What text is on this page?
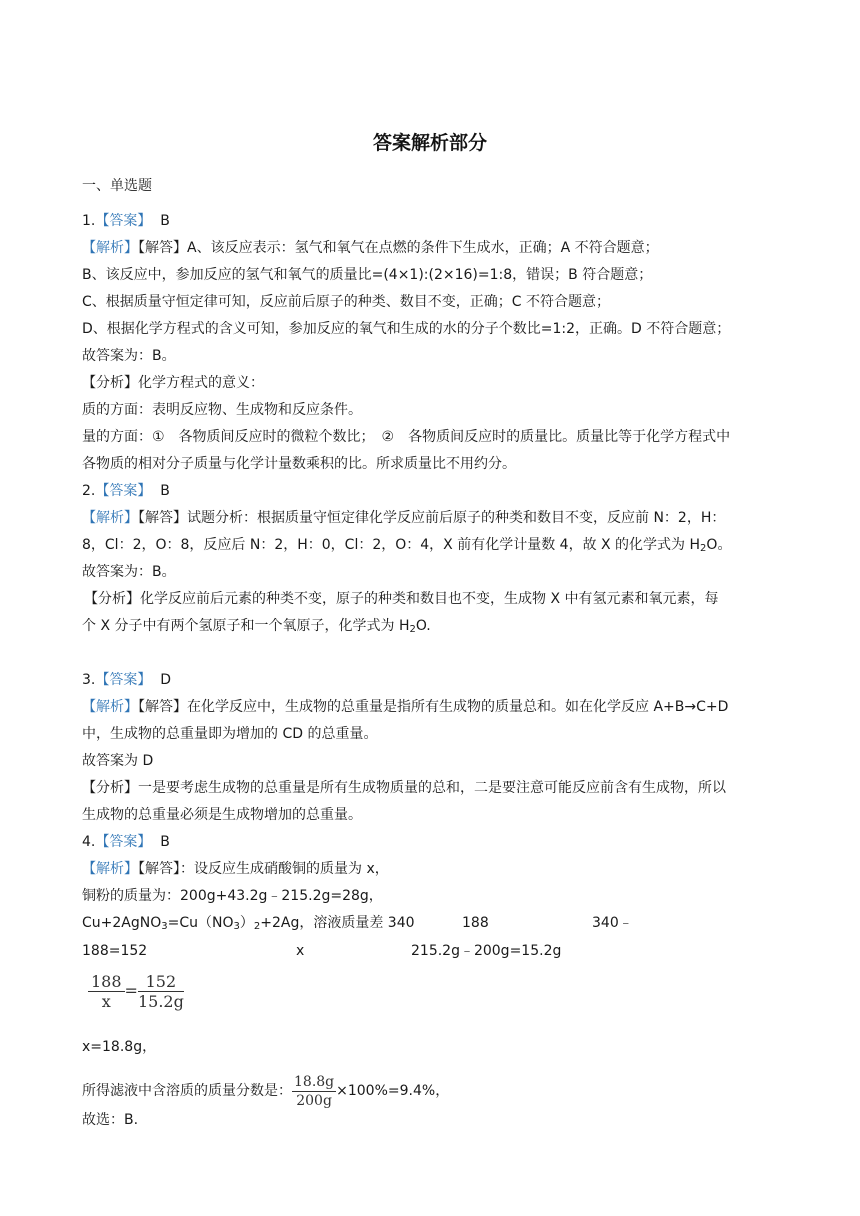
答案解析部分
一、单选题
1.【答案】 B
【解析】【解答】A、该反应表示：氢气和氧气在点燃的条件下生成水，正确；A 不符合题意；
B、该反应中，参加反应的氢气和氧气的质量比=(4×1):(2×16)=1:8，错误；B 符合题意；
C、根据质量守恒定律可知，反应前后原子的种类、数目不变，正确；C 不符合题意；
D、根据化学方程式的含义可知，参加反应的氧气和生成的水的分子个数比=1:2，正确。D 不符合题意；
故答案为：B。
【分析】化学方程式的意义：
质的方面：表明反应物、生成物和反应条件。
量的方面：①　各物质间反应时的微粒个数比；　②　各物质间反应时的质量比。质量比等于化学方程式中
各物质的相对分子质量与化学计量数乘积的比。所求质量比不用约分。
2.【答案】 B
【解析】【解答】试题分析：根据质量守恒定律化学反应前后原子的种类和数目不变，反应前 N：2，H：
8，Cl：2，O：8，反应后 N：2，H：0，Cl：2，O：4，X 前有化学计量数 4，故 X 的化学式为 $H_2O$。
故答案为：B。
【分析】化学反应前后元素的种类不变，原子的种类和数目也不变，生成物 X 中有氢元素和氧元素，每
个 X 分子中有两个氢原子和一个氧原子，化学式为 $H_2O$.
3.【答案】 D
【解析】【解答】在化学反应中，生成物的总重量是指所有生成物的质量总和。如在化学反应 A+B→C+D
中，生成物的总重量即为增加的 CD 的总重量。
故答案为 D
【分析】一是要考虑生成物的总重量是所有生成物质量的总和，二是要注意可能反应前含有生成物，所以
生成物的总重量必须是生成物增加的总重量。
4.【答案】 B
【解析】【解答】：设反应生成硝酸铜的质量为 x，
铜粉的质量为：200g+43.2g﹣215.2g=28g，
$Cu+2AgNO_3=Cu(NO_3)_2+2Ag$，溶液质量差 340	188	340﹣
188=152	x	215.2g﹣200g=15.2g
$\frac{188}{x} = \frac{152}{15.2g}$
x=18.8g，
所得滤液中含溶质的质量分数是： $\frac{18.8g}{200g} \times 100\%=9.4\%$，
故选：B.
